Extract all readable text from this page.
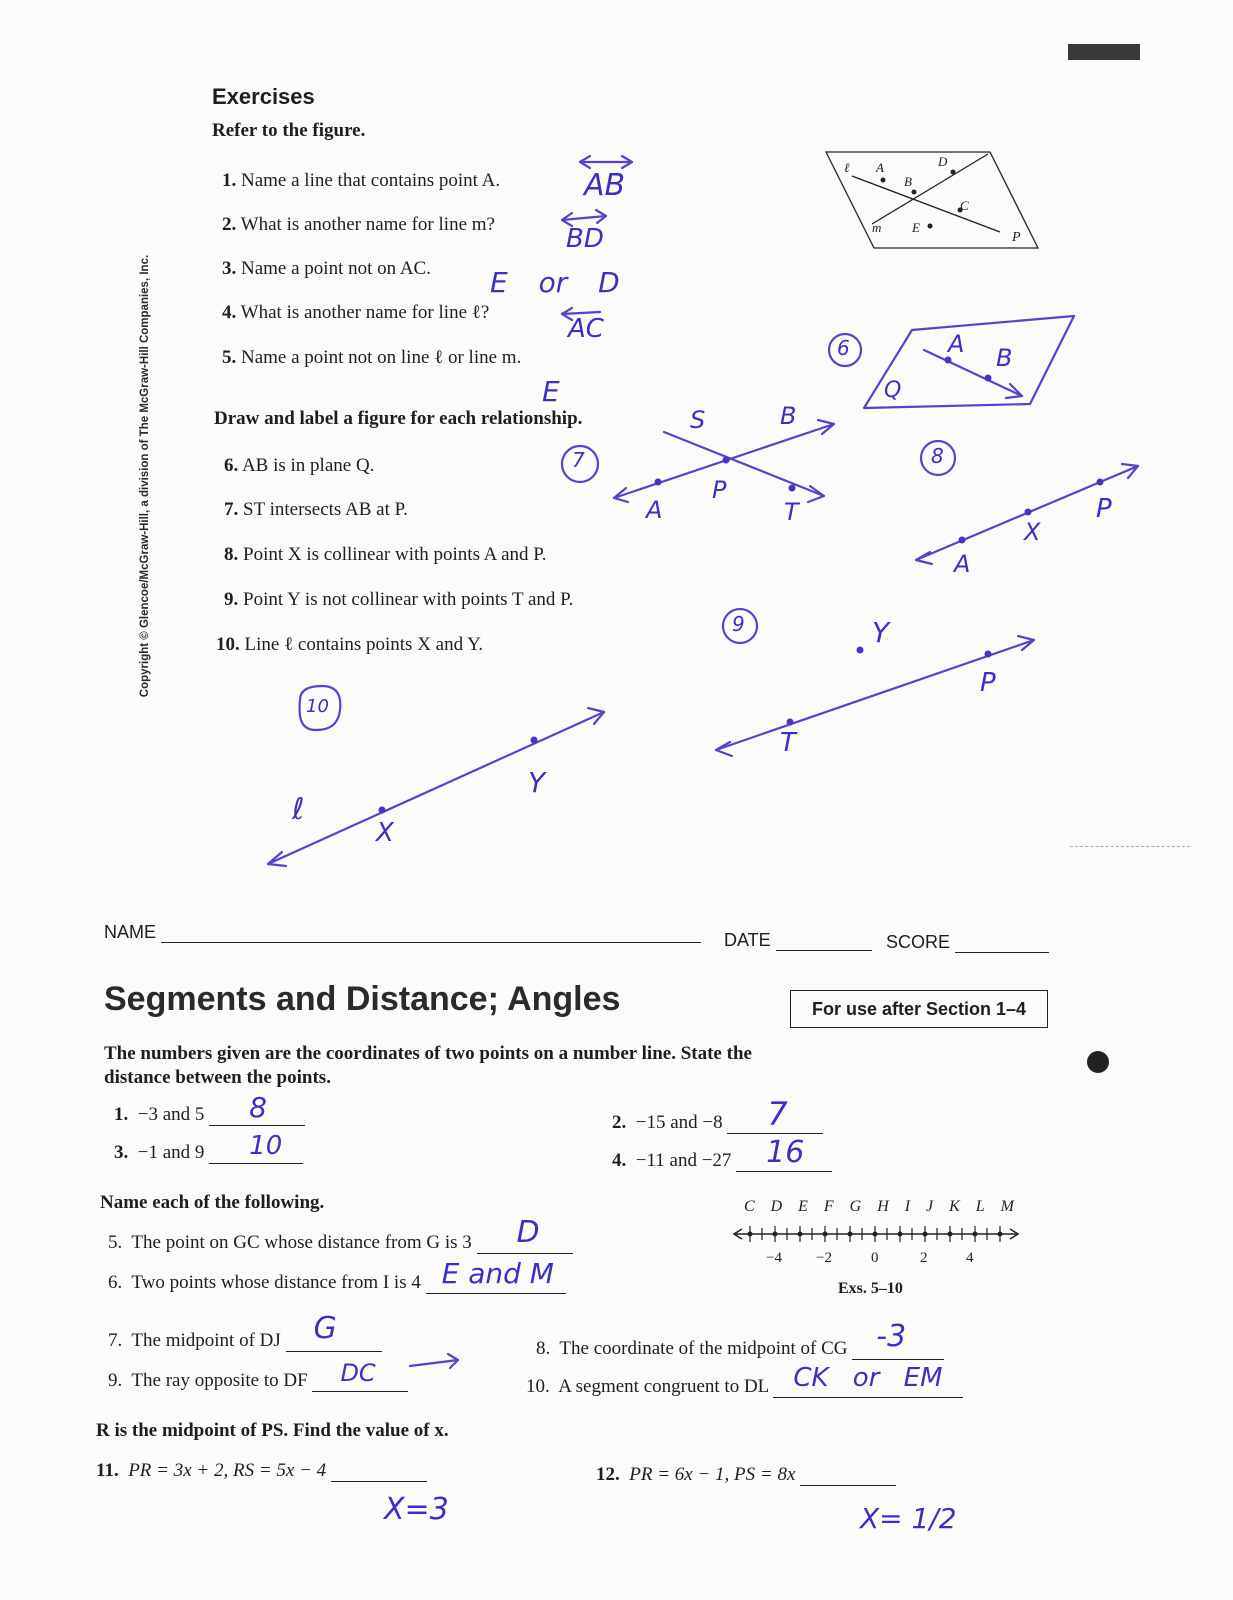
Copyright © Glencoe/McGraw-Hill, a division of The McGraw-Hill Companies, Inc.
Exercises
Refer to the figure.
1. Name a line that contains point A.
2. What is another name for line m?
3. Name a point not on AC.
4. What is another name for line ℓ?
5. Name a point not on line ℓ or line m.
AB
BD
E or D
AC
E
ℓ A
B
D
C
E
m
P
Draw and label a figure for each relationship.
6. AB is in plane Q.
7. ST intersects AB at P.
8. Point X is collinear with points A and P.
9. Point Y is not collinear with points T and P.
10. Line ℓ contains points X and Y.
6	A B
Q
7
S	B
A
P
T
8
A
X
P
9	Y
P
T
10
ℓ
X
Y
NAME	DATE	SCORE
Segments and Distance; Angles	For use after Section 1–4
The numbers given are the coordinates of two points on a number line. State the distance between the points.
1. −3 and 5 8
3. −1 and 9 10
2. −15 and −8 7
4. −11 and −27 16
Name each of the following.	C D E F G H I J K L M
−4 −2	0	2	4
Exs. 5–10
5. The point on GC whose distance from G is 3 D
6. Two points whose distance from I is 4 E and M
7. The midpoint of DJ G
9. The ray opposite to DF DC
8. The coordinate of the midpoint of CG -3
10. A segment congruent to DL CK or EM
R is the midpoint of PS. Find the value of x.
11. PR = 3x + 2, RS = 5x − 4
X=3
12. PR = 6x − 1, PS = 8x
X= 1/2
